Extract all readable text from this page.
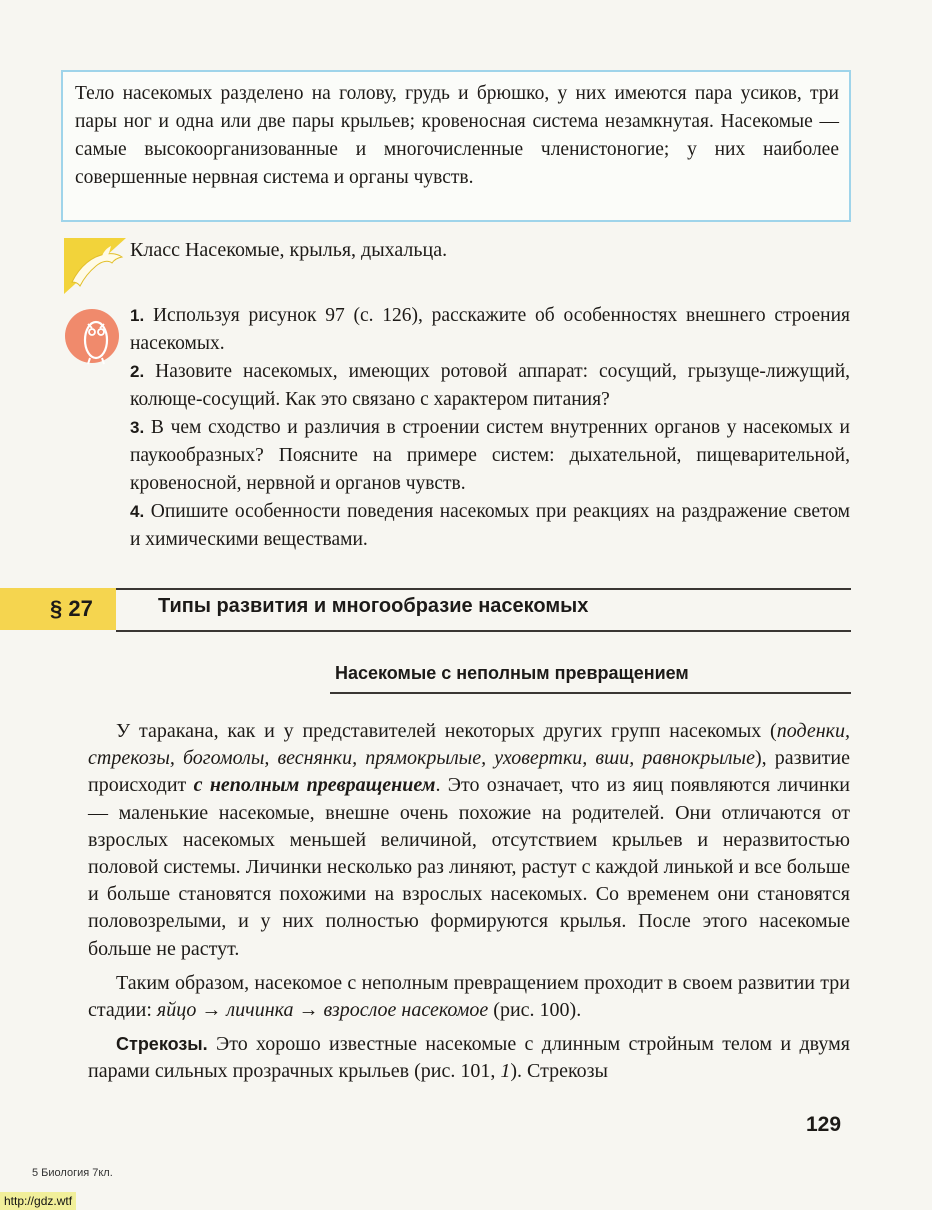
Тело насекомых разделено на голову, грудь и брюшко, у них имеются пара усиков, три пары ног и одна или две пары крыльев; кровеносная система незамкнутая. Насекомые — самые высокоорганизованные и многочисленные членистоногие; у них наиболее совершенные нервная система и органы чувств.
Класс Насекомые, крылья, дыхальца.
1. Используя рисунок 97 (с. 126), расскажите об особенностях внешнего строения насекомых.
2. Назовите насекомых, имеющих ротовой аппарат: сосущий, грызуще-лижущий, колюще-сосущий. Как это связано с характером питания?
3. В чем сходство и различия в строении систем внутренних органов у насекомых и паукообразных? Поясните на примере систем: дыхательной, пищеварительной, кровеносной, нервной и органов чувств.
4. Опишите особенности поведения насекомых при реакциях на раздражение светом и химическими веществами.
§ 27	Типы развития и многообразие насекомых
Насекомые с неполным превращением

У таракана, как и у представителей некоторых других групп насекомых (поденки, стрекозы, богомолы, веснянки, прямокрылые, уховертки, вши, равнокрылые), развитие происходит с неполным превращением. Это означает, что из яиц появляются личинки — маленькие насекомые, внешне очень похожие на родителей. Они отличаются от взрослых насекомых меньшей величиной, отсутствием крыльев и неразвитостью половой системы. Личинки несколько раз линяют, растут с каждой линькой и все больше и больше становятся похожими на взрослых насекомых. Со временем они становятся половозрелыми, и у них полностью формируются крылья. После этого насекомые больше не растут.

Таким образом, насекомое с неполным превращением проходит в своем развитии три стадии: яйцо → личинка → взрослое насекомое (рис. 100).

Стрекозы. Это хорошо известные насекомые с длинным стройным телом и двумя парами сильных прозрачных крыльев (рис. 101, 1). Стрекозы

129
5 Биология 7кл.
http://gdz.wtf
